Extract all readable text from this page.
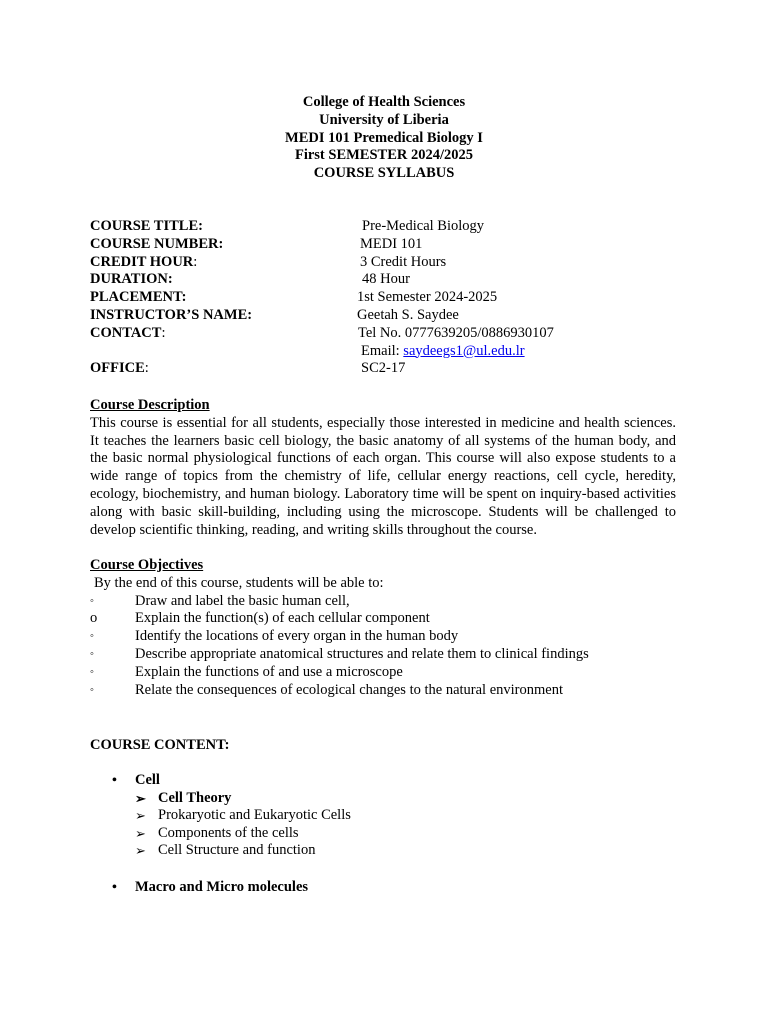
College of Health Sciences
University of Liberia
MEDI 101 Premedical Biology I
First SEMESTER 2024/2025
COURSE SYLLABUS
COURSE TITLE:	Pre-Medical Biology
COURSE NUMBER:	MEDI 101
CREDIT HOUR:	3 Credit Hours
DURATION:	48 Hour
PLACEMENT:	1st Semester 2024-2025
INSTRUCTOR’S NAME:	Geetah S. Saydee
CONTACT:	Tel No. 0777639205/0886930107
Email: saydeegs1@ul.edu.lr
OFFICE:	SC2-17
Course Description

This course is essential for all students, especially those interested in medicine and health sciences. It teaches the learners basic cell biology, the basic anatomy of all systems of the human body, and the basic normal physiological functions of each organ. This course will also expose students to a wide range of topics from the chemistry of life, cellular energy reactions, cell cycle, heredity, ecology, biochemistry, and human biology. Laboratory time will be spent on inquiry-based activities along with basic skill-building, including using the microscope. Students will be challenged to develop scientific thinking, reading, and writing skills throughout the course.

Course Objectives

By the end of this course, students will be able to:

◦	Draw and label the basic human cell,
o	Explain the function(s) of each cellular component
◦	Identify the locations of every organ in the human body
◦	Describe appropriate anatomical structures and relate them to clinical findings
◦	Explain the functions of and use a microscope
◦	Relate the consequences of ecological changes to the natural environment
COURSE CONTENT:
• Cell
➢ Cell Theory
➢ Prokaryotic and Eukaryotic Cells
➢ Components of the cells
➢ Cell Structure and function
• Macro and Micro molecules
